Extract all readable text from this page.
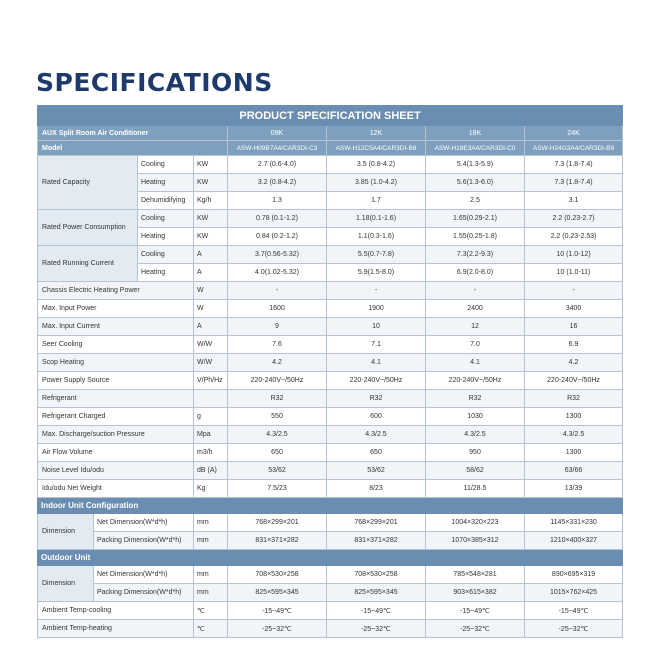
SPECIFICATIONS
PRODUCT SPECIFICATION SHEET							
AUX Split Room Air Conditioner				09K	12K	18K	24K
Model				ASW-H09B7A4/CAR3DI-C3	ASW-H12C5A4/CAR3DI-B8	ASW-H18E3A4/CAR3DI-C0	ASW-H24G3A4/CAR3DI-B9
Rated Capacity		Cooling	KW	2.7 (0.6-4.0)	3.5 (0.8-4.2)	5.4(1.3-5.9)	7.3 (1.8-7.4)
		Heating	KW	3.2 (0.8-4.2)	3.85 (1.0-4.2)	5.6(1.3-6.0)	7.3 (1.8-7.4)
		Dehumidifying	Kg/h	1.3	1.7	2.5	3.1
Rated Power Consumption		Cooling	KW	0.78 (0.1-1.2)	1.18(0.1-1.6)	1.65(0.29-2.1)	2.2 (0.23-2.7)
		Heating	KW	0.84 (0.2-1.2)	1.1(0.3-1.6)	1.55(0.25-1.8)	2.2 (0.23-2.53)
Rated Running Current		Cooling	A	3.7(0.56-5.32)	5.5(0.7-7.8)	7.3(2.2-9.3)	10 (1.0-12)
		Heating	A	4.0(1.02-5.32)	5.9(1.5-8.0)	6.9(2.0-8.0)	10 (1.0-11)
Chassis Electric Heating Power			W	-	-	-	-
Max. Input Power			W	1600	1900	2400	3400
Max. Input Current			A	9	10	12	16
Seer Cooling			W/W	7.6	7.1	7.0	6.9
Scop Heating			W/W	4.2	4.1	4.1	4.2
Power Supply Source			V/Ph/Hz	220-240V~/50Hz	220-240V~/50Hz	220-240V~/50Hz	220-240V~/50Hz
Refrigerant				R32	R32	R32	R32
Refrigerant Charged			g	550	600	1030	1300
Max. Discharge/suction Pressure			Mpa	4.3/2.5	4.3/2.5	4.3/2.5	4.3/2.5
Air Flow Volume			m3/h	650	650	950	1300
Noise Level Idu/odu			dB (A)	53/62	53/62	58/62	63/66
Idu/odu Net Weight			Kg	7.5/23	8/23	11/28.5	13/39
Indoor Unit Configuration							
Dimension	Net Dimension(W*d*h)		mm	768×299×201	768×299×201	1004×320×223	1145×331×230
	Packing Dimension(W*d*h)		mm	831×371×282	831×371×282	1070×385×312	1210×400×327
Outdoor Unit							
Dimension	Net Dimension(W*d*h)		mm	708×530×258	708×530×258	785×548×281	890×695×319
	Packing Dimension(W*d*h)		mm	825×595×345	825×595×345	903×615×382	1015×762×425
Ambient Temp-cooling			℃	-15~49℃	-15~49℃	-15~49℃	-15~49℃
Ambient Temp-heating			℃	-25~32℃	-25~32℃	-25~32℃	-25~32℃
